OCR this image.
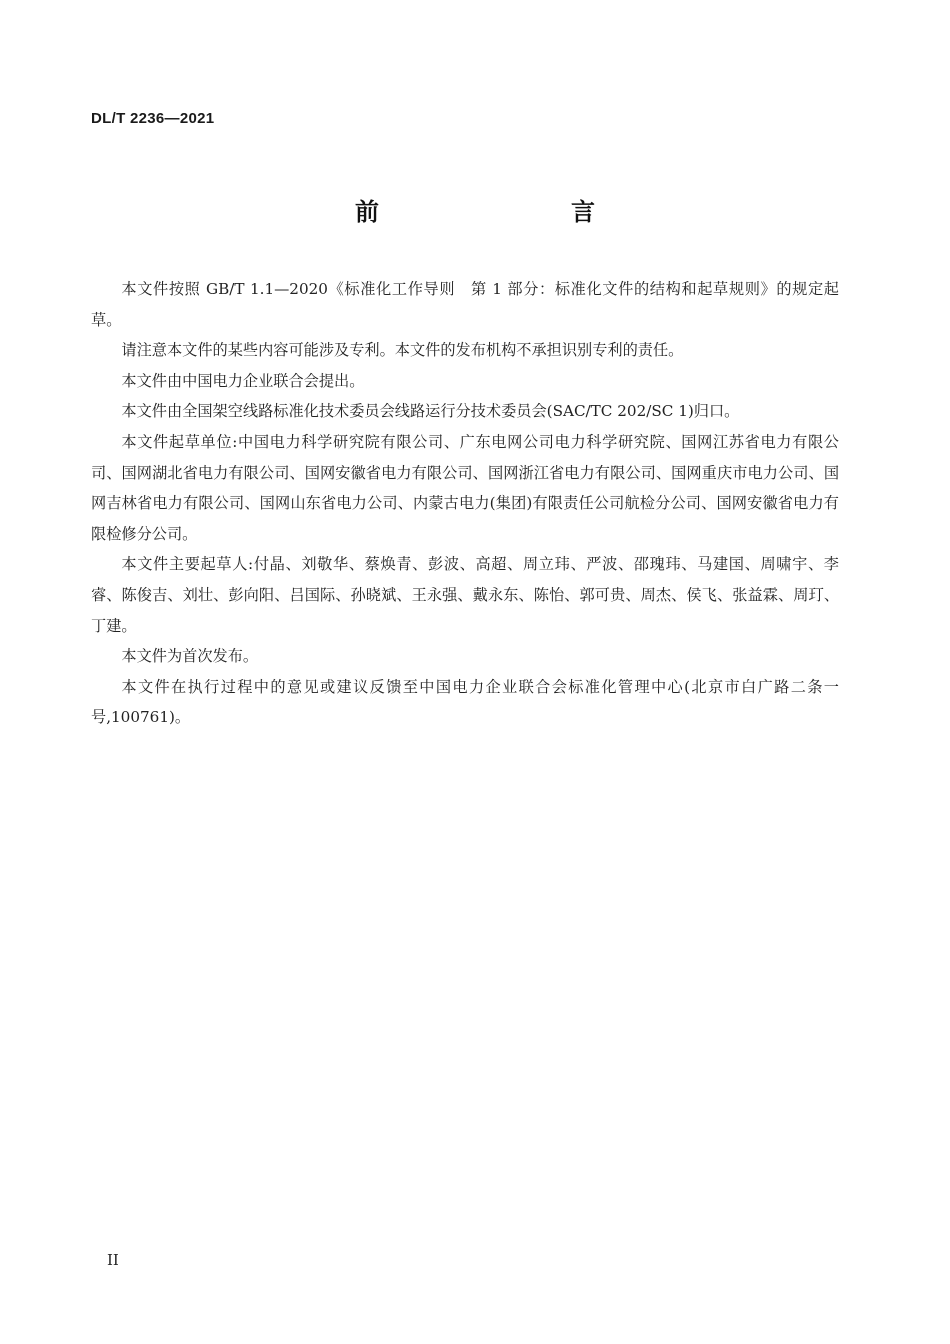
DL/T 2236—2021
前　　言

本文件按照 GB/T 1.1—2020《标准化工作导则　第 1 部分：标准化文件的结构和起草规则》的规定起草。

请注意本文件的某些内容可能涉及专利。本文件的发布机构不承担识别专利的责任。

本文件由中国电力企业联合会提出。

本文件由全国架空线路标准化技术委员会线路运行分技术委员会(SAC/TC 202/SC 1)归口。

本文件起草单位:中国电力科学研究院有限公司、广东电网公司电力科学研究院、国网江苏省电力有限公司、国网湖北省电力有限公司、国网安徽省电力有限公司、国网浙江省电力有限公司、国网重庆市电力公司、国网吉林省电力有限公司、国网山东省电力公司、内蒙古电力(集团)有限责任公司航检分公司、国网安徽省电力有限检修分公司。

本文件主要起草人:付晶、刘敬华、蔡焕青、彭波、高超、周立玮、严波、邵瑰玮、马建国、周啸宇、李睿、陈俊吉、刘壮、彭向阳、吕国际、孙晓斌、王永强、戴永东、陈怡、郭可贵、周杰、侯飞、张益霖、周玎、丁建。

本文件为首次发布。

本文件在执行过程中的意见或建议反馈至中国电力企业联合会标准化管理中心(北京市白广路二条一号,100761)。

II
